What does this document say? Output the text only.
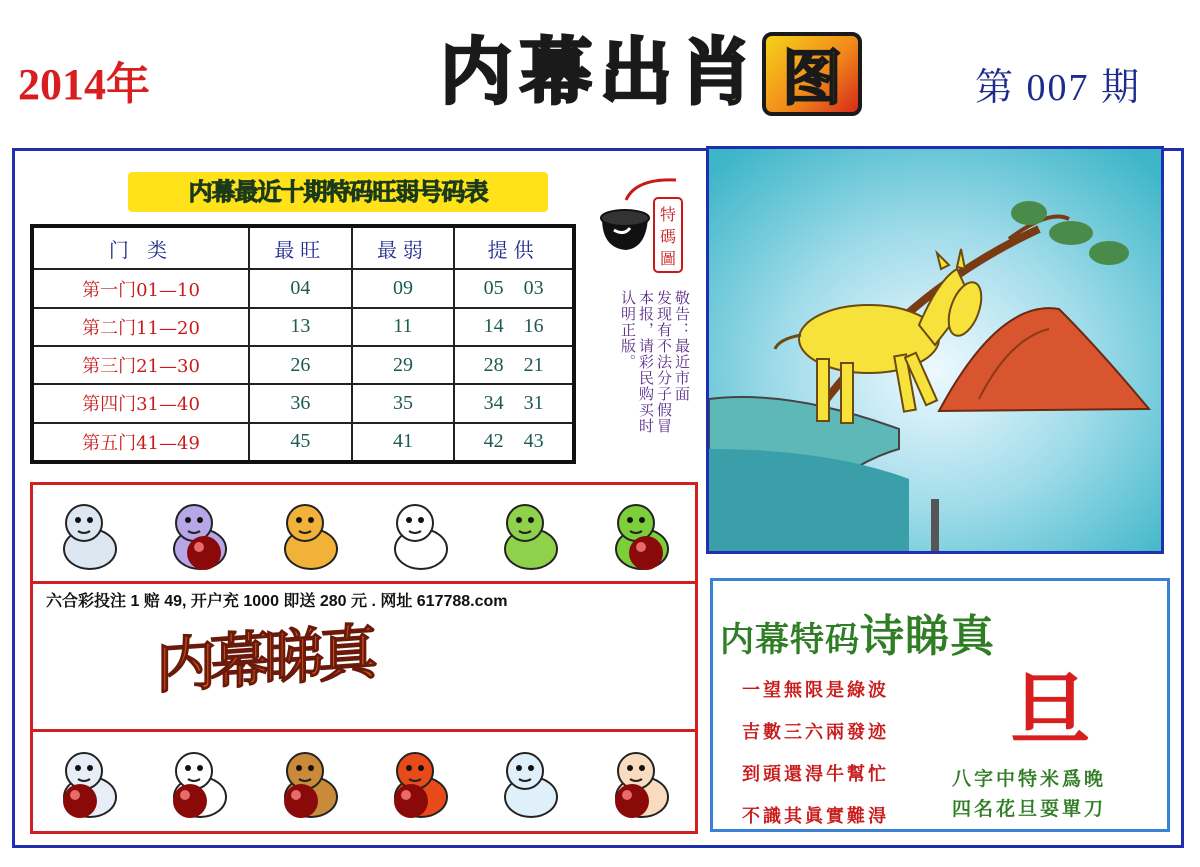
2014年	内 幕 出 肖 图	第 007 期
内幕最近十期特码旺弱号码表
门 类	最旺	最弱	提供
第一门01—10	04	09	05 03
第二门11—20	13	11	14 16
第三门21—30	26	29	28 21
第四门31—40	36	35	34 31
第五门41—49	45	41	42 43
特
碼
圖
敬告：最近市面
发现有不法分子假冒
本报，请彩民购买时
认明正版。
六合彩投注 1 赔 49, 开户充 1000 即送 280 元 . 网址 617788.com
内幕睇真	内幕特码诗睇真
一望無限是綠波
吉數三六兩發迹
到頭還淂牛幫忙
不識其眞實難淂
旦
八字中特米爲晚
四名花旦耍單刀
